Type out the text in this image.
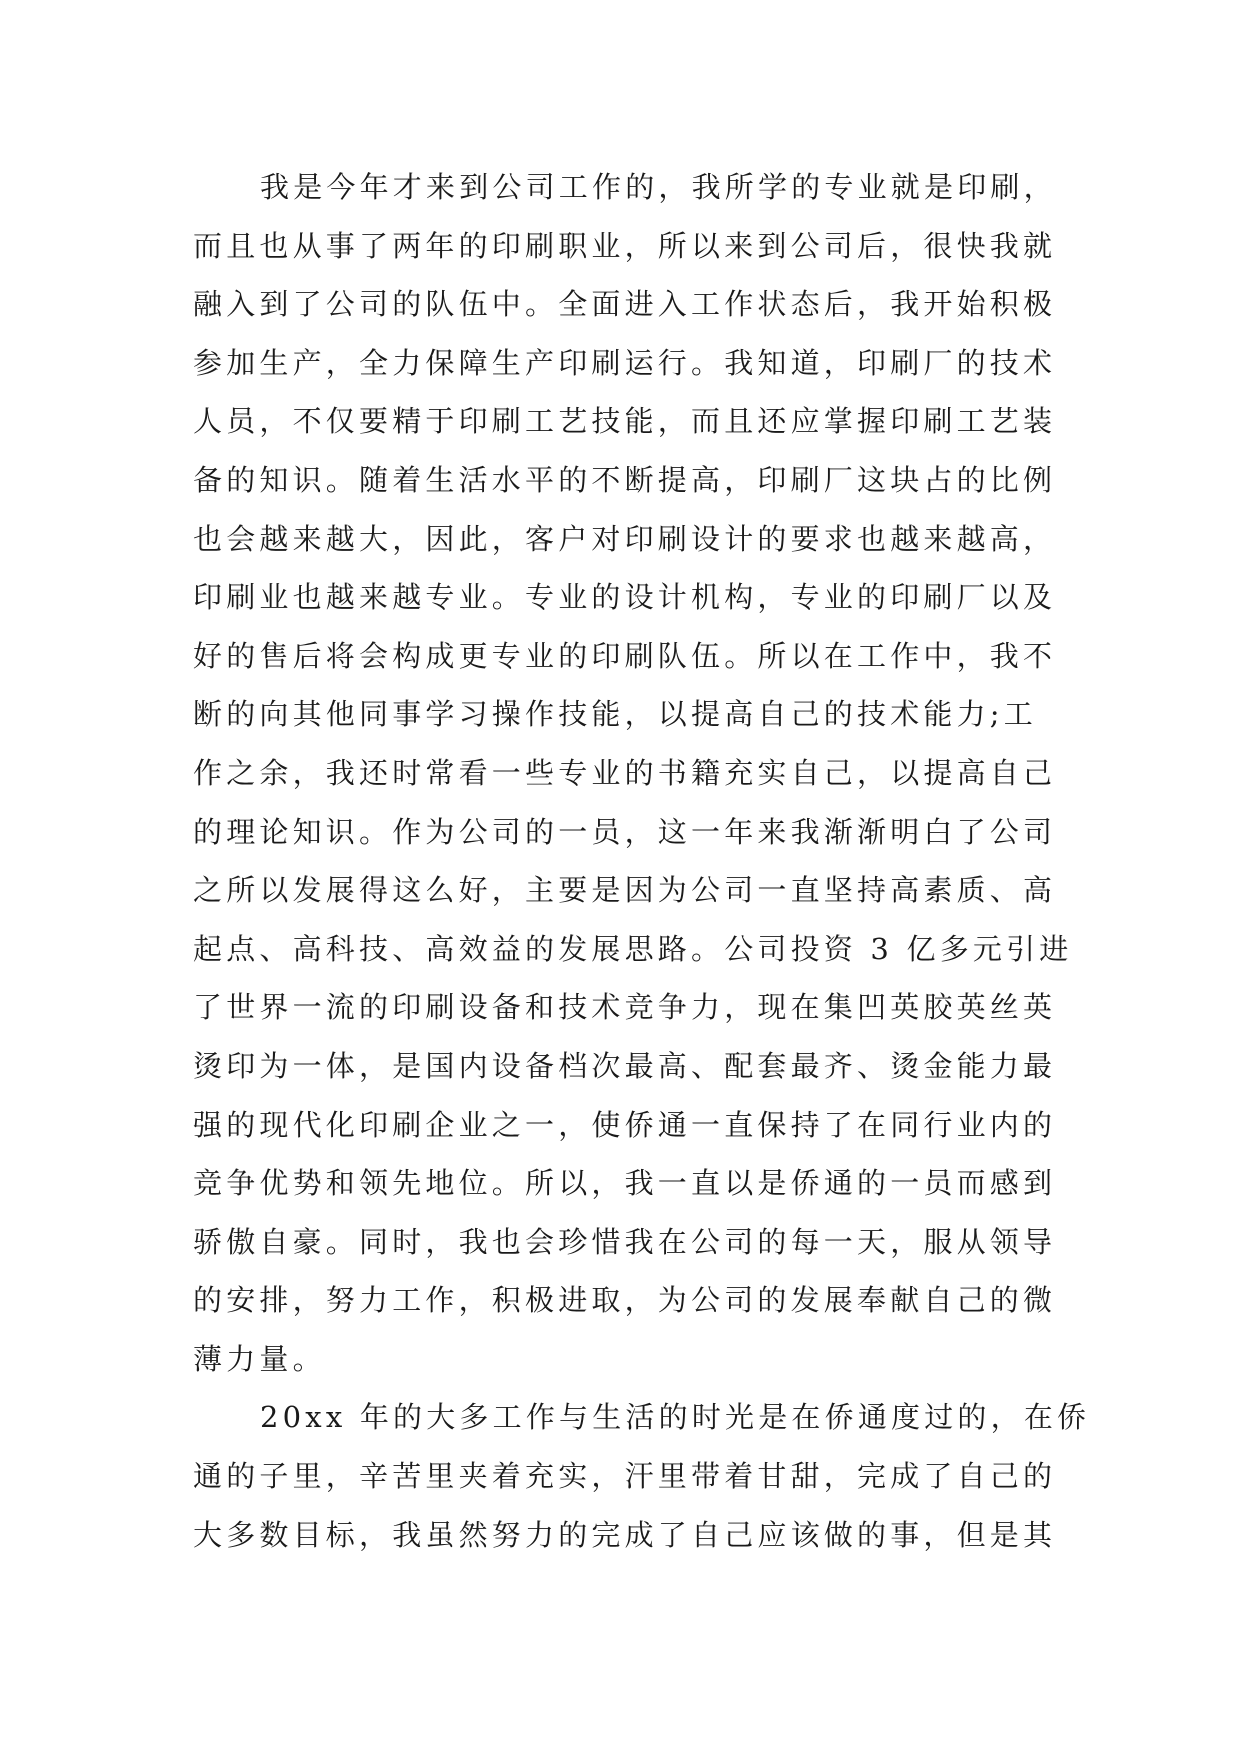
我是今年才来到公司工作的，我所学的专业就是印刷，
而且也从事了两年的印刷职业，所以来到公司后，很快我就
融入到了公司的队伍中。全面进入工作状态后，我开始积极
参加生产，全力保障生产印刷运行。我知道，印刷厂的技术
人员，不仅要精于印刷工艺技能，而且还应掌握印刷工艺装
备的知识。随着生活水平的不断提高，印刷厂这块占的比例
也会越来越大，因此，客户对印刷设计的要求也越来越高，
印刷业也越来越专业。专业的设计机构，专业的印刷厂以及
好的售后将会构成更专业的印刷队伍。所以在工作中，我不
断的向其他同事学习操作技能，以提高自己的技术能力;工
作之余，我还时常看一些专业的书籍充实自己，以提高自己
的理论知识。作为公司的一员，这一年来我渐渐明白了公司
之所以发展得这么好，主要是因为公司一直坚持高素质、高
起点、高科技、高效益的发展思路。公司投资 3 亿多元引进
了世界一流的印刷设备和技术竞争力，现在集凹英胶英丝英
烫印为一体，是国内设备档次最高、配套最齐、烫金能力最
强的现代化印刷企业之一，使侨通一直保持了在同行业内的
竞争优势和领先地位。所以，我一直以是侨通的一员而感到
骄傲自豪。同时，我也会珍惜我在公司的每一天，服从领导
的安排，努力工作，积极进取，为公司的发展奉献自己的微
薄力量。
20xx 年的大多工作与生活的时光是在侨通度过的，在侨
通的子里，辛苦里夹着充实，汗里带着甘甜，完成了自己的
大多数目标，我虽然努力的完成了自己应该做的事，但是其
